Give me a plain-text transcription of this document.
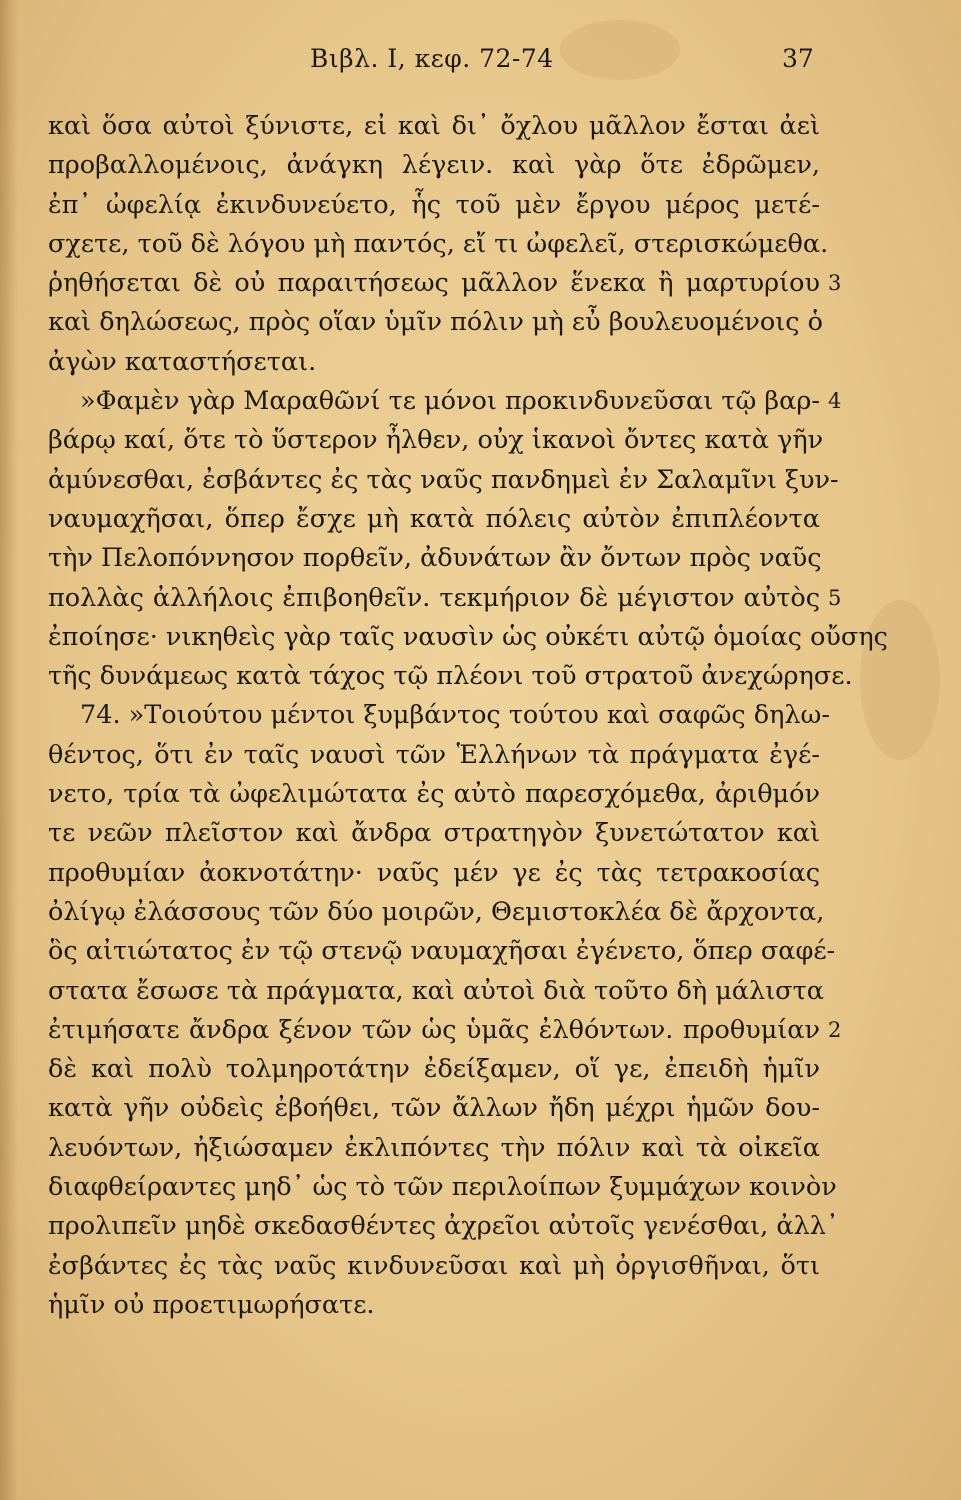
Βιβλ. Ι, κεφ. 72-74	37
καὶ ὅσα αὐτοὶ ξύνιστε, εἰ καὶ δι᾽ ὄχλου μᾶλλον ἔσται ἀεὶ
προβαλλομένοις, ἀνάγκη λέγειν. καὶ γὰρ ὅτε ἐδρῶμεν,
ἐπ᾽ ὠφελίᾳ ἐκινδυνεύετο, ἧς τοῦ μὲν ἔργου μέρος μετέ-
σχετε, τοῦ δὲ λόγου μὴ παντός, εἴ τι ὠφελεῖ, στερισκώμεθα.
ῥηθήσεται δὲ οὐ παραιτήσεως μᾶλλον ἕνεκα ἢ μαρτυρίου 3
καὶ δηλώσεως, πρὸς οἵαν ὑμῖν πόλιν μὴ εὖ βουλευομένοις ὁ
ἀγὼν καταστήσεται.
»Φαμὲν γὰρ Μαραθῶνί τε μόνοι προκινδυνεῦσαι τῷ βαρ- 4
βάρῳ καί, ὅτε τὸ ὕστερον ἦλθεν, οὐχ ἱκανοὶ ὄντες κατὰ γῆν
ἀμύνεσθαι, ἐσβάντες ἐς τὰς ναῦς πανδημεὶ ἐν Σαλαμῖνι ξυν-
ναυμαχῆσαι, ὅπερ ἔσχε μὴ κατὰ πόλεις αὐτὸν ἐπιπλέοντα
τὴν Πελοπόννησον πορθεῖν, ἀδυνάτων ἂν ὄντων πρὸς ναῦς
πολλὰς ἀλλήλοις ἐπιβοηθεῖν. τεκμήριον δὲ μέγιστον αὐτὸς 5
ἐποίησε· νικηθεὶς γὰρ ταῖς ναυσὶν ὡς οὐκέτι αὐτῷ ὁμοίας οὔσης
τῆς δυνάμεως κατὰ τάχος τῷ πλέονι τοῦ στρατοῦ ἀνεχώρησε.
74. »Τοιούτου μέντοι ξυμβάντος τούτου καὶ σαφῶς δηλω-
θέντος, ὅτι ἐν ταῖς ναυσὶ τῶν Ἑλλήνων τὰ πράγματα ἐγέ-
νετο, τρία τὰ ὠφελιμώτατα ἐς αὐτὸ παρεσχόμεθα, ἀριθμόν
τε νεῶν πλεῖστον καὶ ἄνδρα στρατηγὸν ξυνετώτατον καὶ
προθυμίαν ἀοκνοτάτην· ναῦς μέν γε ἐς τὰς τετρακοσίας
ὀλίγῳ ἐλάσσους τῶν δύο μοιρῶν, Θεμιστοκλέα δὲ ἄρχοντα,
ὃς αἰτιώτατος ἐν τῷ στενῷ ναυμαχῆσαι ἐγένετο, ὅπερ σαφέ-
στατα ἔσωσε τὰ πράγματα, καὶ αὐτοὶ διὰ τοῦτο δὴ μάλιστα
ἐτιμήσατε ἄνδρα ξένον τῶν ὡς ὑμᾶς ἐλθόντων. προθυμίαν 2
δὲ καὶ πολὺ τολμηροτάτην ἐδείξαμεν, οἵ γε, ἐπειδὴ ἡμῖν
κατὰ γῆν οὐδεὶς ἐβοήθει, τῶν ἄλλων ἤδη μέχρι ἡμῶν δου-
λευόντων, ἠξιώσαμεν ἐκλιπόντες τὴν πόλιν καὶ τὰ οἰκεῖα
διαφθείραντες μηδ᾽ ὡς τὸ τῶν περιλοίπων ξυμμάχων κοινὸν
προλιπεῖν μηδὲ σκεδασθέντες ἀχρεῖοι αὐτοῖς γενέσθαι, ἀλλ᾽
ἐσβάντες ἐς τὰς ναῦς κινδυνεῦσαι καὶ μὴ ὀργισθῆναι, ὅτι
ἡμῖν οὐ προετιμωρήσατε.
